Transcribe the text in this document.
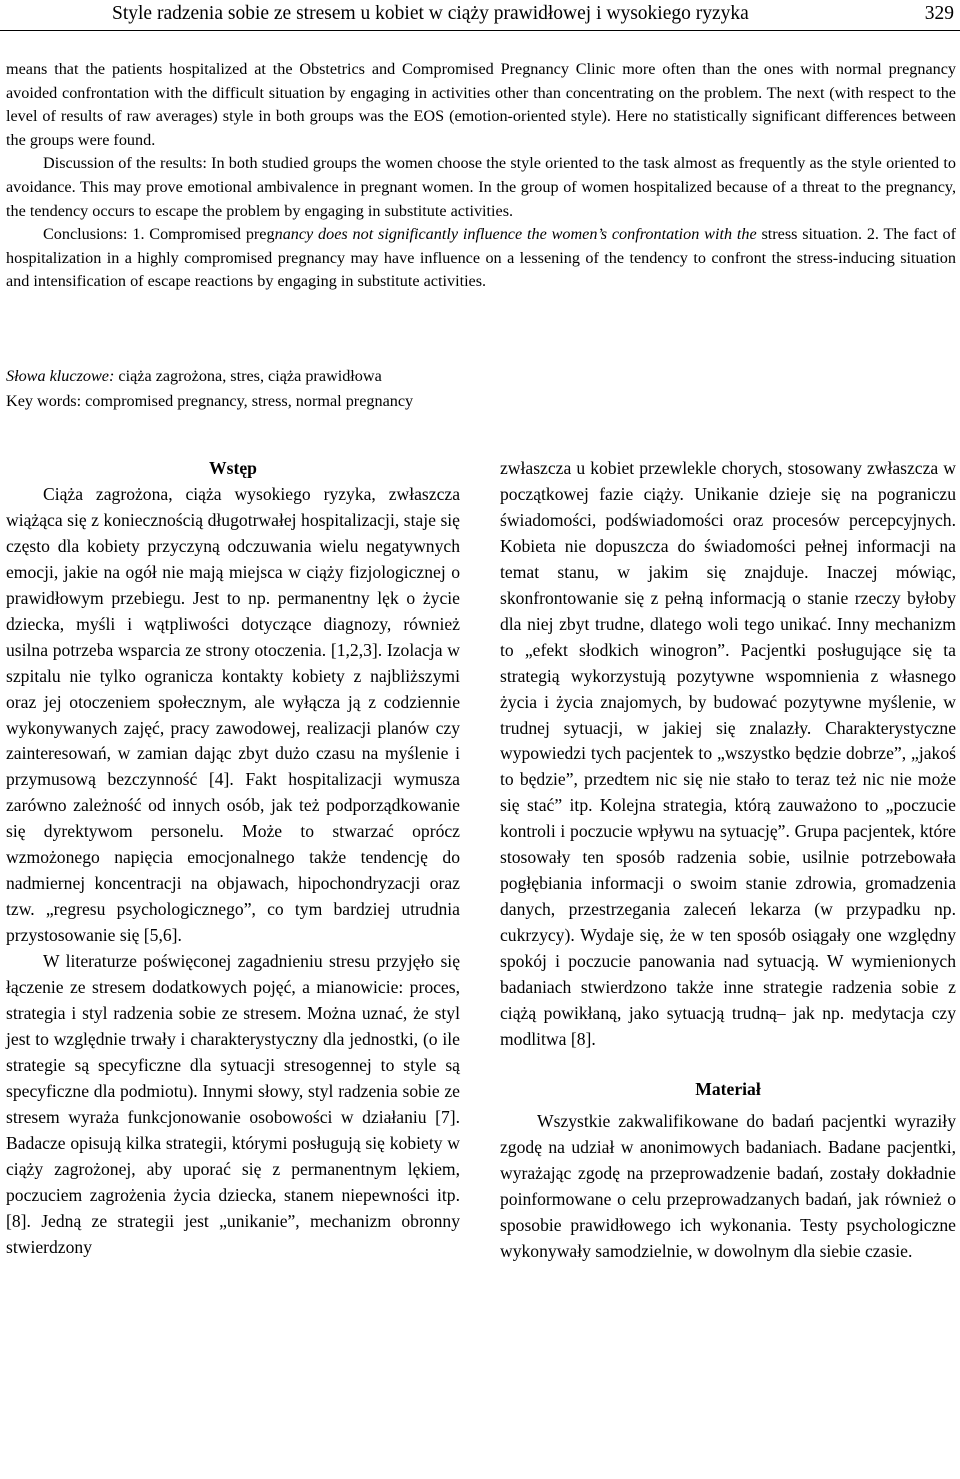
Style radzenia sobie ze stresem u kobiet w ciąży prawidłowej i wysokiego ryzyka	329

means that the patients hospitalized at the Obstetrics and Compromised Pregnancy Clinic more often than the ones with normal pregnancy avoided confrontation with the difficult situation by engaging in activities other than concentrating on the problem. The next (with respect to the level of results of raw averages) style in both groups was the EOS (emotion-oriented style). Here no statistically significant differences between the groups were found.

Discussion of the results: In both studied groups the women choose the style oriented to the task almost as frequently as the style oriented to avoidance. This may prove emotional ambivalence in pregnant women. In the group of women hospitalized because of a threat to the pregnancy, the tendency occurs to escape the problem by engaging in substitute activities.

Conclusions: 1. Compromised pregnancy does not significantly influence the women’s confrontation with the stress situation. 2. The fact of hospitalization in a highly compromised pregnancy may have influence on a lessening of the tendency to confront the stress-inducing situation and intensification of escape reactions by engaging in substitute activities.

Słowa kluczowe: ciąża zagrożona, stres, ciąża prawidłowa

Key words: compromised pregnancy, stress, normal pregnancy

Wstęp

Ciąża zagrożona, ciąża wysokiego ryzyka, zwłaszcza wiążąca się z koniecznością długotrwałej hospitalizacji, staje się często dla kobiety przyczyną odczuwania wielu negatywnych emocji, jakie na ogół nie mają miejsca w ciąży fizjologicznej o prawidłowym przebiegu. Jest to np. permanentny lęk o życie dziecka, myśli i wątpliwości dotyczące diagnozy, również usilna potrzeba wsparcia ze strony otoczenia. [1,2,3]. Izolacja w szpitalu nie tylko ogranicza kontakty kobiety z najbliższymi oraz jej otoczeniem społecznym, ale wyłącza ją z codziennie wykonywanych zajęć, pracy zawodowej, realizacji planów czy zainteresowań, w zamian dając zbyt dużo czasu na myślenie i przymusową bezczynność [4]. Fakt hospitalizacji wymusza zarówno zależność od innych osób, jak też podporządkowanie się dyrektywom personelu. Może to stwarzać oprócz wzmożonego napięcia emocjonalnego także tendencję do nadmiernej koncentracji na objawach, hipochondryzacji oraz tzw. „regresu psychologicznego”, co tym bardziej utrudnia przystosowanie się [5,6].

W literaturze poświęconej zagadnieniu stresu przyjęło się łączenie ze stresem dodatkowych pojęć, a mianowicie: proces, strategia i styl radzenia sobie ze stresem. Można uznać, że styl jest to względnie trwały i charakterystyczny dla jednostki, (o ile strategie są specyficzne dla sytuacji stresogennej to style są specyficzne dla podmiotu). Innymi słowy, styl radzenia sobie ze stresem wyraża funkcjonowanie osobowości w działaniu [7]. Badacze opisują kilka strategii, którymi posługują się kobiety w ciąży zagrożonej, aby uporać się z permanentnym lękiem, poczuciem zagrożenia życia dziecka, stanem niepewności itp. [8]. Jedną ze strategii jest „unikanie”, mechanizm obronny stwierdzony

zwłaszcza u kobiet przewlekle chorych, stosowany zwłaszcza w początkowej fazie ciąży. Unikanie dzieje się na pograniczu świadomości, podświadomości oraz procesów percepcyjnych. Kobieta nie dopuszcza do świadomości pełnej informacji na temat stanu, w jakim się znajduje. Inaczej mówiąc, skonfrontowanie się z pełną informacją o stanie rzeczy byłoby dla niej zbyt trudne, dlatego woli tego unikać. Inny mechanizm to „efekt słodkich winogron”. Pacjentki posługujące się ta strategią wykorzystują pozytywne wspomnienia z własnego życia i życia znajomych, by budować pozytywne myślenie, w trudnej sytuacji, w jakiej się znalazły. Charakterystyczne wypowiedzi tych pacjentek to „wszystko będzie dobrze”, „jakoś to będzie”, przedtem nic się nie stało to teraz też nic nie może się stać” itp. Kolejna strategia, którą zauważono to „poczucie kontroli i poczucie wpływu na sytuację”. Grupa pacjentek, które stosowały ten sposób radzenia sobie, usilnie potrzebowała pogłębiania informacji o swoim stanie zdrowia, gromadzenia danych, przestrzegania zaleceń lekarza (w przypadku np. cukrzycy). Wydaje się, że w ten sposób osiągały one względny spokój i poczucie panowania nad sytuacją. W wymienionych badaniach stwierdzono także inne strategie radzenia sobie z ciążą powikłaną, jako sytuacją trudną– jak np. medytacja czy modlitwa [8].

Materiał

Wszystkie zakwalifikowane do badań pacjentki wyraziły zgodę na udział w anonimowych badaniach. Badane pacjentki, wyrażając zgodę na przeprowadzenie badań, zostały dokładnie poinformowane o celu przeprowadzanych badań, jak również o sposobie prawidłowego ich wykonania. Testy psychologiczne wykonywały samodzielnie, w dowolnym dla siebie czasie.
